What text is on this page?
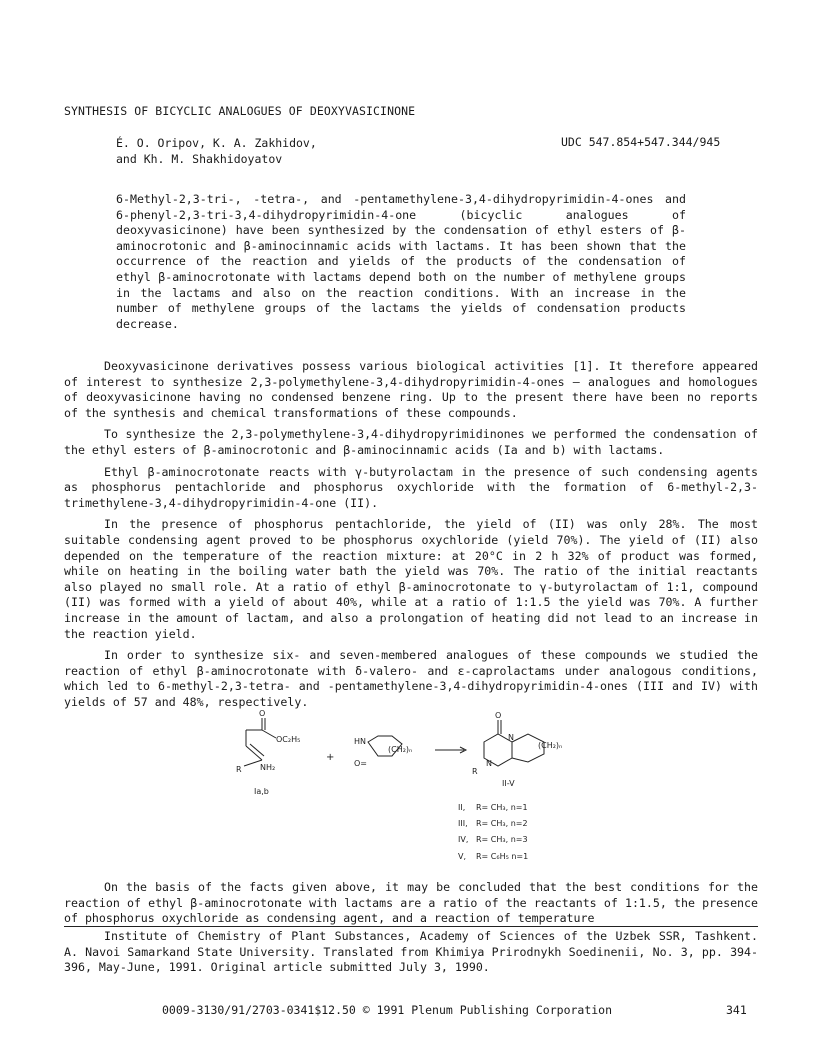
SYNTHESIS OF BICYCLIC ANALOGUES OF DEOXYVASICINONE
É. O. Oripov, K. A. Zakhidov,
and Kh. M. Shakhidoyatov
UDC 547.854+547.344/945
6-Methyl-2,3-tri-, -tetra-, and -pentamethylene-3,4-dihydropyrimidin-4-ones and 6-phenyl-2,3-tri-3,4-dihydropyrimidin-4-one (bicyclic analogues of deoxyvasicinone) have been synthesized by the condensation of ethyl esters of β-aminocrotonic and β-aminocinnamic acids with lactams. It has been shown that the occurrence of the reaction and yields of the products of the condensation of ethyl β-aminocrotonate with lactams depend both on the number of methylene groups in the lactams and also on the reaction conditions. With an increase in the number of methylene groups of the lactams the yields of condensation products decrease.

Deoxyvasicinone derivatives possess various biological activities [1]. It therefore appeared of interest to synthesize 2,3-polymethylene-3,4-dihydropyrimidin-4-ones — analogues and homologues of deoxyvasicinone having no condensed benzene ring. Up to the present there have been no reports of the synthesis and chemical transformations of these compounds.

To synthesize the 2,3-polymethylene-3,4-dihydropyrimidinones we performed the condensation of the ethyl esters of β-aminocrotonic and β-aminocinnamic acids (Ia and b) with lactams.

Ethyl β-aminocrotonate reacts with γ-butyrolactam in the presence of such condensing agents as phosphorus pentachloride and phosphorus oxychloride with the formation of 6-methyl-2,3-trimethylene-3,4-dihydropyrimidin-4-one (II).

In the presence of phosphorus pentachloride, the yield of (II) was only 28%. The most suitable condensing agent proved to be phosphorus oxychloride (yield 70%). The yield of (II) also depended on the temperature of the reaction mixture: at 20°C in 2 h 32% of product was formed, while on heating in the boiling water bath the yield was 70%. The ratio of the initial reactants also played no small role. At a ratio of ethyl β-aminocrotonate to γ-butyrolactam of 1:1, compound (II) was formed with a yield of about 40%, while at a ratio of 1:1.5 the yield was 70%. A further increase in the amount of lactam, and also a prolongation of heating did not lead to an increase in the reaction yield.

In order to synthesize six- and seven-membered analogues of these compounds we studied the reaction of ethyl β-aminocrotonate with δ-valero- and ε-caprolactams under analogous conditions, which led to 6-methyl-2,3-tetra- and -pentamethylene-3,4-dihydropyrimidin-4-ones (III and IV) with yields of 57 and 48%, respectively.

O
OC₂H₅
R NH₂
Ia,b
+
HN
(CH₂)ₙ
O=
O
N
N
R
(CH₂)ₙ
II-V
II, R= CH₃, n=1
III, R= CH₃, n=2
IV, R= CH₃, n=3
V, R= C₆H₅ n=1
On the basis of the facts given above, it may be concluded that the best conditions for the reaction of ethyl β-aminocrotonate with lactams are a ratio of the reactants of 1:1.5, the presence of phosphorus oxychloride as condensing agent, and a reaction of temperature
Institute of Chemistry of Plant Substances, Academy of Sciences of the Uzbek SSR, Tashkent. A. Navoi Samarkand State University. Translated from Khimiya Prirodnykh Soedinenii, No. 3, pp. 394-396, May-June, 1991. Original article submitted July 3, 1990.
0009-3130/91/2703-0341$12.50 © 1991 Plenum Publishing Corporation	341
